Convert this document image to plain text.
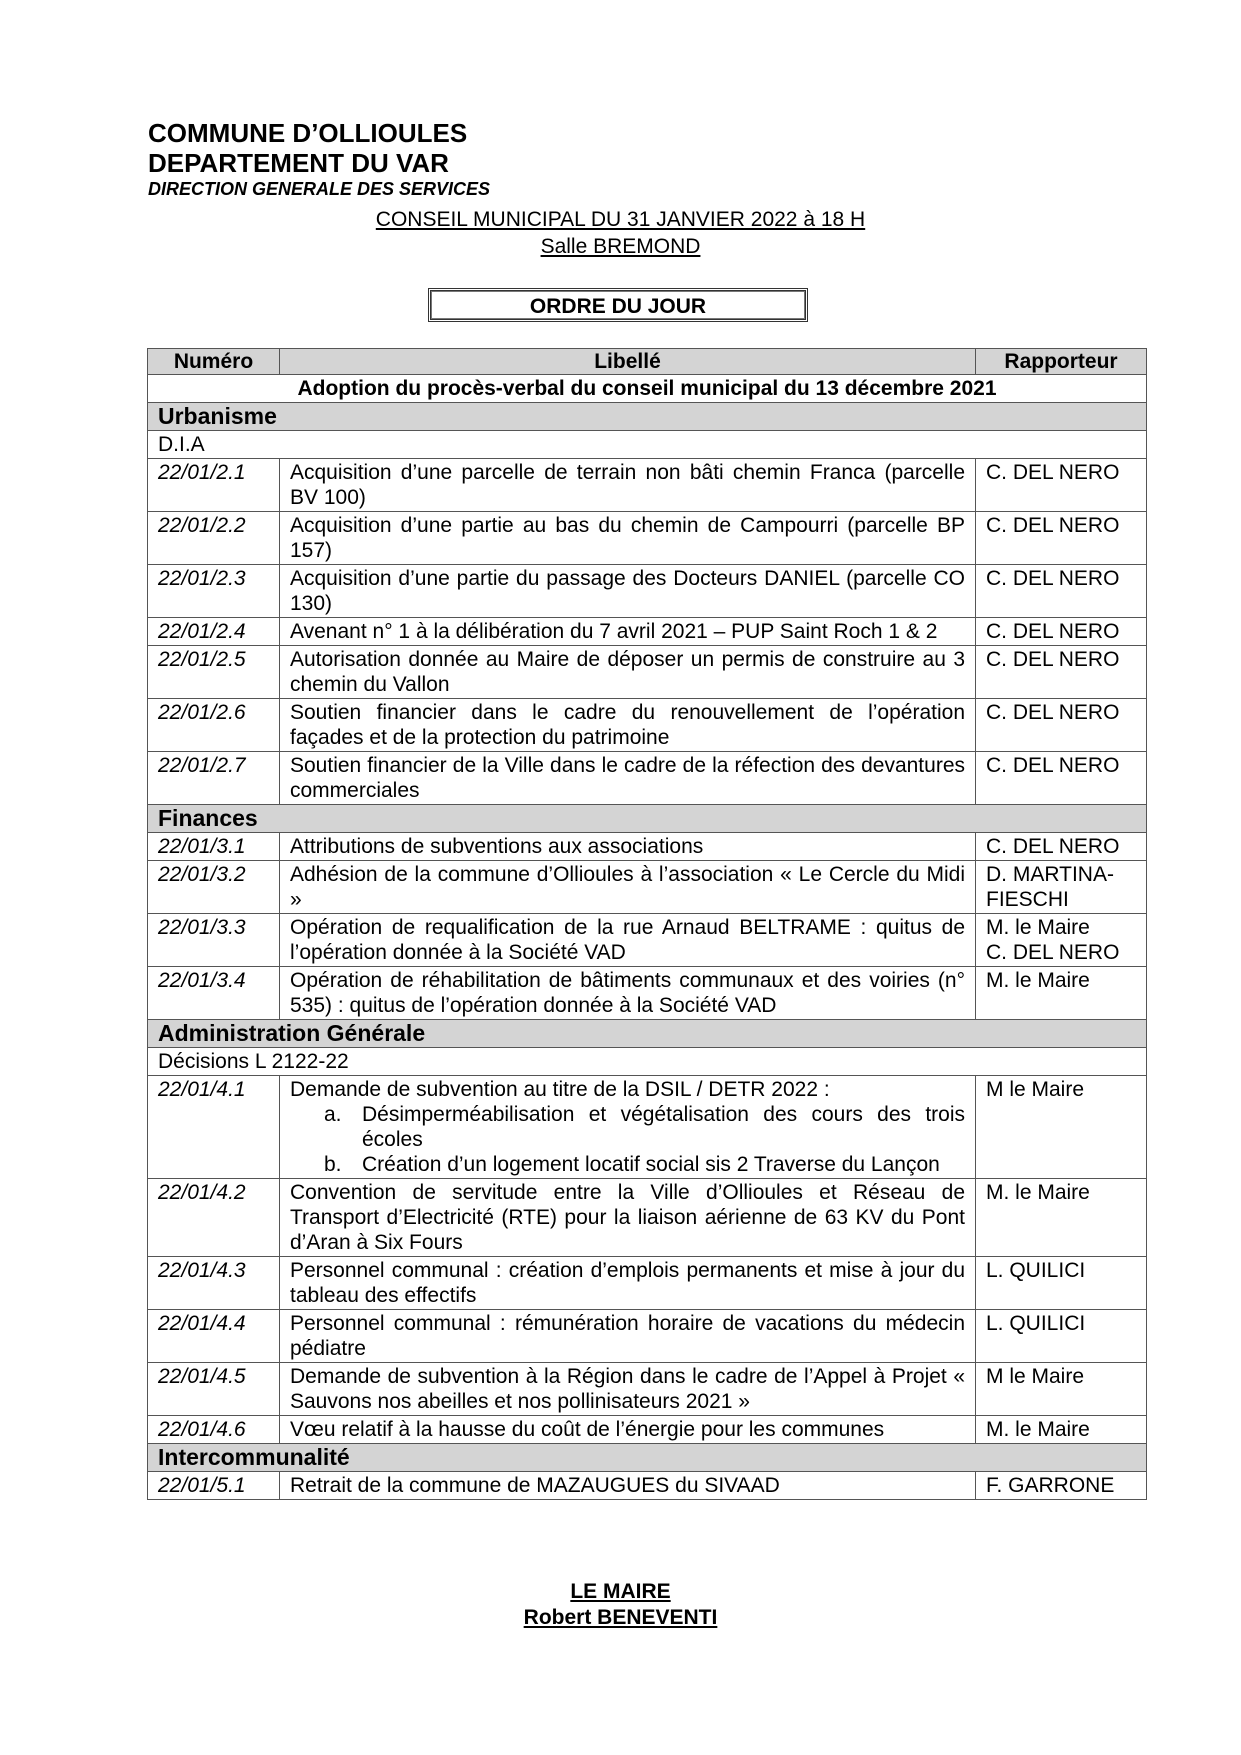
COMMUNE D’OLLIOULES
DEPARTEMENT DU VAR
DIRECTION GENERALE DES SERVICES
CONSEIL MUNICIPAL DU 31 JANVIER 2022 à 18 H
Salle BREMOND
ORDRE DU JOUR
Numéro	Libellé	Rapporteur
Adoption du procès-verbal du conseil municipal du 13 décembre 2021		
Urbanisme		
D.I.A		
22/01/2.1	Acquisition d’une parcelle de terrain non bâti chemin Franca (parcelle BV 100)	C. DEL NERO

22/01/2.2	Acquisition d’une partie au bas du chemin de Campourri (parcelle BP 157)	C. DEL NERO

22/01/2.3	Acquisition d’une partie du passage des Docteurs DANIEL (parcelle CO 130)	C. DEL NERO

22/01/2.4	Avenant n° 1 à la délibération du 7 avril 2021 – PUP Saint Roch 1 & 2	C. DEL NERO

22/01/2.5	Autorisation donnée au Maire de déposer un permis de construire au 3 chemin du Vallon	C. DEL NERO

22/01/2.6	Soutien financier dans le cadre du renouvellement de l’opération façades et de la protection du patrimoine	C. DEL NERO

22/01/2.7	Soutien financier de la Ville dans le cadre de la réfection des devantures commerciales	C. DEL NERO

Finances		
22/01/3.1	Attributions de subventions aux associations	C. DEL NERO

22/01/3.2	Adhésion de la commune d’Ollioules à l’association « Le Cercle du Midi »	D. MARTINA-FIESCHI

22/01/3.3	Opération de requalification de la rue Arnaud BELTRAME : quitus de l’opération donnée à la Société VAD	M. le Maire
C. DEL NERO

22/01/3.4	Opération de réhabilitation de bâtiments communaux et des voiries (n° 535) : quitus de l’opération donnée à la Société VAD	M. le Maire

Administration Générale		
Décisions L 2122-22		
22/01/4.1	Demande de subvention au titre de la DSIL / DETR 2022 :
a. Désimperméabilisation et végétalisation des cours des trois écoles
b. Création d’un logement locatif social sis 2 Traverse du Lançon	M le Maire

22/01/4.2	Convention de servitude entre la Ville d’Ollioules et Réseau de Transport d’Electricité (RTE) pour la liaison aérienne de 63 KV du Pont d’Aran à Six Fours	M. le Maire

22/01/4.3	Personnel communal : création d’emplois permanents et mise à jour du tableau des effectifs	L. QUILICI

22/01/4.4	Personnel communal : rémunération horaire de vacations du médecin pédiatre	L. QUILICI

22/01/4.5	Demande de subvention à la Région dans le cadre de l’Appel à Projet « Sauvons nos abeilles et nos pollinisateurs 2021 »	M le Maire

22/01/4.6	Vœu relatif à la hausse du coût de l’énergie pour les communes	M. le Maire

Intercommunalité		
22/01/5.1	Retrait de la commune de MAZAUGUES du SIVAAD	F. GARRONE
LE MAIRE
Robert BENEVENTI
